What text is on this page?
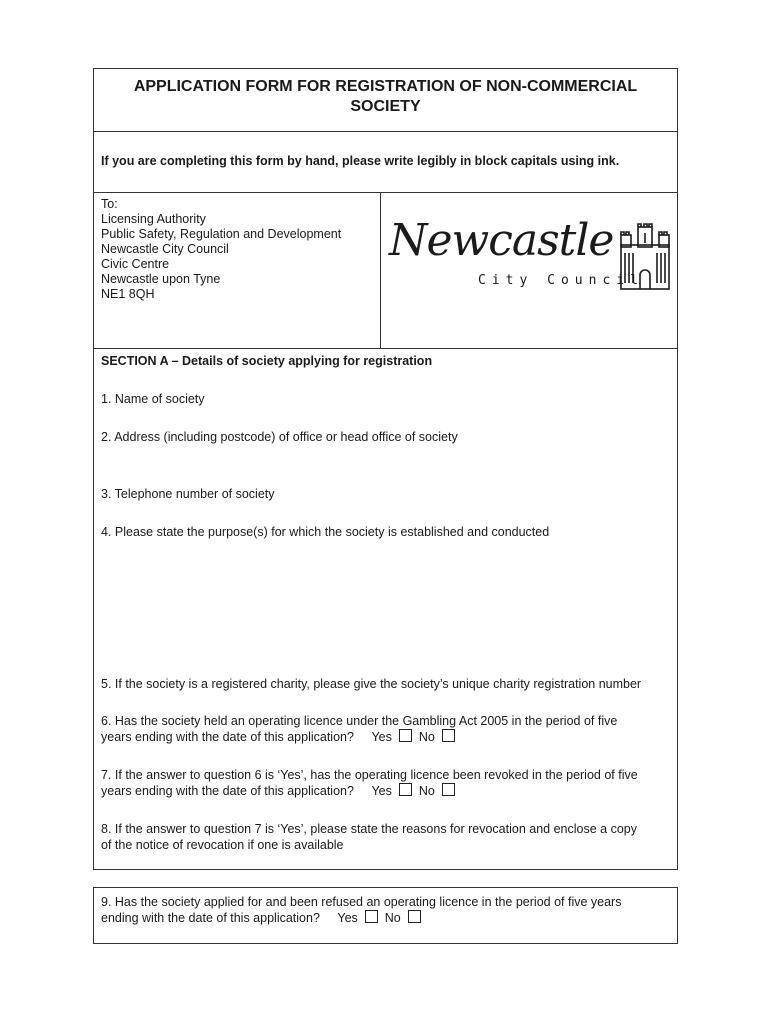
APPLICATION FORM FOR REGISTRATION OF NON-COMMERCIAL
SOCIETY
If you are completing this form by hand, please write legibly in block capitals using ink.
To:
Licensing Authority
Public Safety, Regulation and Development
Newcastle City Council
Civic Centre
Newcastle upon Tyne
NE1 8QH
Newcastle
City Council
SECTION A – Details of society applying for registration
1. Name of society
2. Address (including postcode) of office or head office of society
3. Telephone number of society
4. Please state the purpose(s) for which the society is established and conducted
5. If the society is a registered charity, please give the society’s unique charity registration number
6. Has the society held an operating licence under the Gambling Act 2005 in the period of five
years ending with the date of this application? Yes No
7. If the answer to question 6 is ‘Yes’, has the operating licence been revoked in the period of five
years ending with the date of this application? Yes No
8. If the answer to question 7 is ‘Yes’, please state the reasons for revocation and enclose a copy
of the notice of revocation if one is available
9. Has the society applied for and been refused an operating licence in the period of five years
ending with the date of this application? Yes No
